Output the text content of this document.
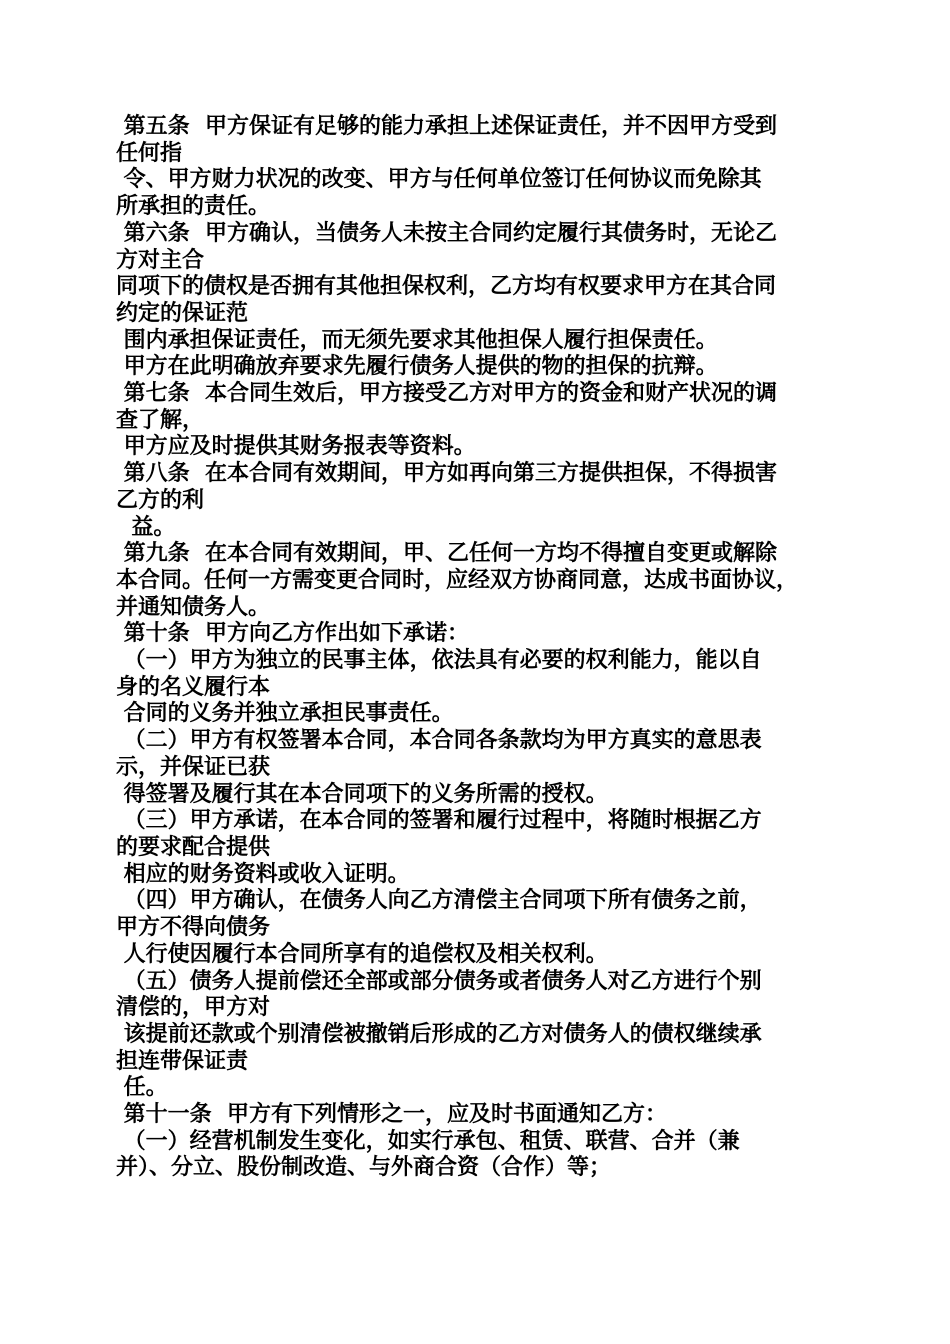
第五条  甲方保证有足够的能力承担上述保证责任，并不因甲方受到

任何指

令、甲方财力状况的改变、甲方与任何单位签订任何协议而免除其

所承担的责任。

第六条  甲方确认，当债务人未按主合同约定履行其债务时，无论乙

方对主合

同项下的债权是否拥有其他担保权利，乙方均有权要求甲方在其合同

约定的保证范

围内承担保证责任，而无须先要求其他担保人履行担保责任。

甲方在此明确放弃要求先履行债务人提供的物的担保的抗辩。

第七条  本合同生效后，甲方接受乙方对甲方的资金和财产状况的调

查了解，

甲方应及时提供其财务报表等资料。

第八条  在本合同有效期间，甲方如再向第三方提供担保，不得损害

乙方的利

益。

第九条  在本合同有效期间，甲、乙任何一方均不得擅自变更或解除

本合同。任何一方需变更合同时，应经双方协商同意，达成书面协议，

并通知债务人。

第十条  甲方向乙方作出如下承诺：

（一）甲方为独立的民事主体，依法具有必要的权利能力，能以自

身的名义履行本

合同的义务并独立承担民事责任。

（二）甲方有权签署本合同，本合同各条款均为甲方真实的意思表

示，并保证已获

得签署及履行其在本合同项下的义务所需的授权。

（三）甲方承诺，在本合同的签署和履行过程中，将随时根据乙方

的要求配合提供

相应的财务资料或收入证明。

（四）甲方确认，在债务人向乙方清偿主合同项下所有债务之前，

甲方不得向债务

人行使因履行本合同所享有的追偿权及相关权利。

（五）债务人提前偿还全部或部分债务或者债务人对乙方进行个别

清偿的，甲方对

该提前还款或个别清偿被撤销后形成的乙方对债务人的债权继续承

担连带保证责

任。

第十一条  甲方有下列情形之一，应及时书面通知乙方：

（一）经营机制发生变化，如实行承包、租赁、联营、合并（兼

并）、分立、股份制改造、与外商合资（合作）等；
